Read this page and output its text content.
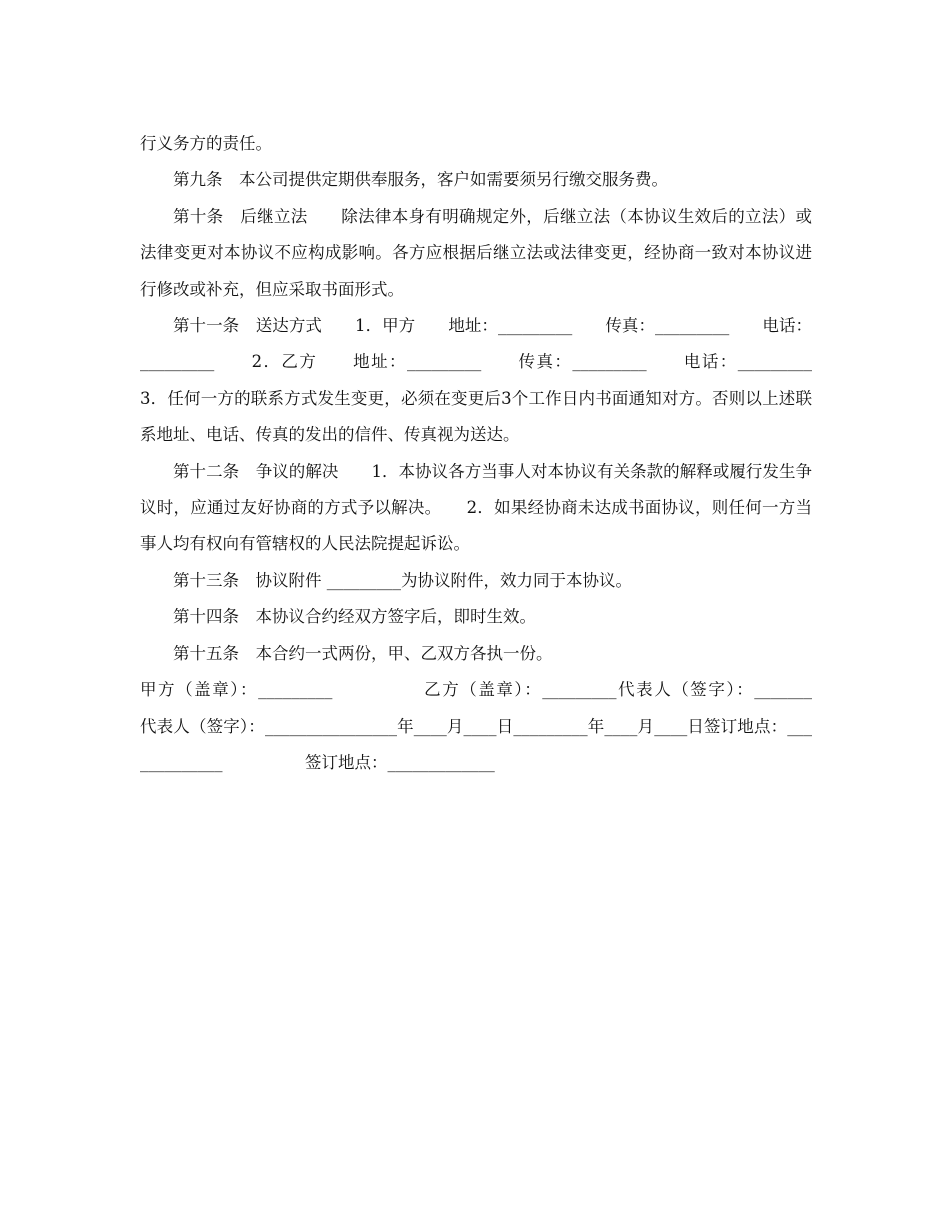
行义务方的责任。

第九条　本公司提供定期供奉服务，客户如需要须另行缴交服务费。

第十条　后继立法　　除法律本身有明确规定外，后继立法（本协议生效后的立法）或法律变更对本协议不应构成影响。各方应根据后继立法或法律变更，经协商一致对本协议进行修改或补充，但应采取书面形式。

第十一条　送达方式　　1．甲方　　地址：_________　　传真：_________　　电话：_________　　2．乙方　　地址：_________　　传真：_________　　电话：_________　　3．任何一方的联系方式发生变更，必须在变更后3个工作日内书面通知对方。否则以上述联系地址、电话、传真的发出的信件、传真视为送达。

第十二条　争议的解决　　1．本协议各方当事人对本协议有关条款的解释或履行发生争议时，应通过友好协商的方式予以解决。　　2．如果经协商未达成书面协议，则任何一方当事人均有权向有管辖权的人民法院提起诉讼。

第十三条　协议附件 _________为协议附件，效力同于本协议。

第十四条　本协议合约经双方签字后，即时生效。

第十五条　本合约一式两份，甲、乙双方各执一份。

甲方（盖章）：_________　　　　　乙方（盖章）：_________代表人（签字）：_______　　　　　代表人（签字）：________________年____月____日_________年____月____日签订地点：_____________　　　　　签订地点：_____________
